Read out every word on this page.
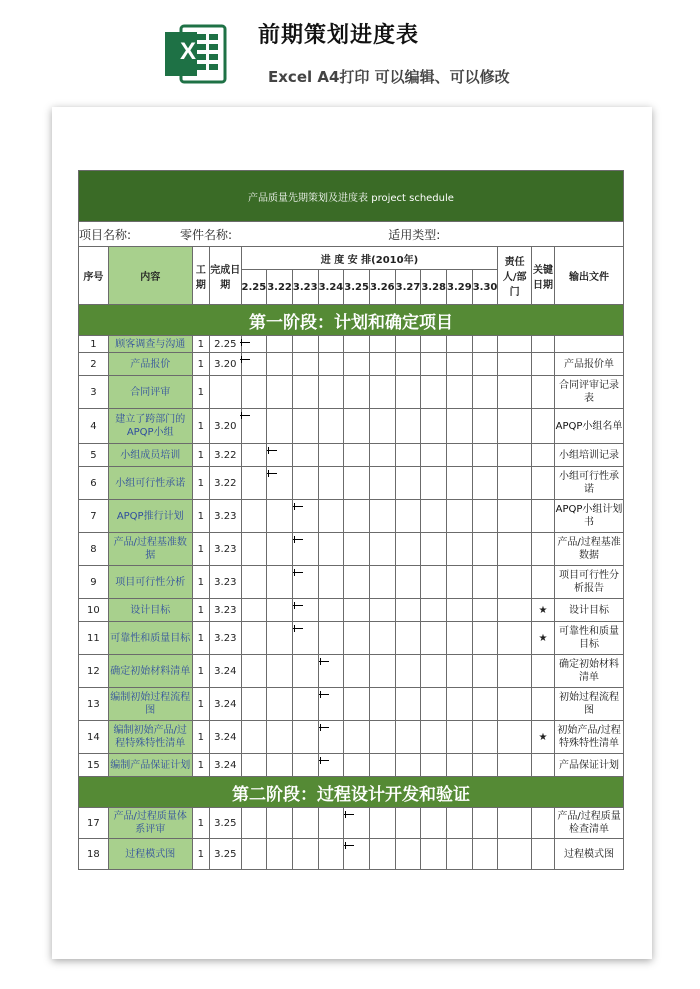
X
前期策划进度表
Excel A4打印 可以编辑、可以修改
产品质量先期策划及进度表 project schedule																
项目名称:				零件名称:									适用类型:			
序号	内容	工期	完成日期	进 度 安 排(2010年)										责任人/部门	关键日期	输出文件
				2.25	3.22	3.23	3.24	3.25	3.26	3.27	3.28	3.29	3.30			
第一阶段：计划和确定项目																
1	顾客调查与沟通	1	2.25	

2	产品报价	1	3.20													产品报价单
3	合同评审	1														合同评审记录表
4	建立了跨部门的APQP小组	1	3.20													APQP小组名单
5	小组成员培训	1	3.22													小组培训记录
6	小组可行性承诺	1	3.22													小组可行性承诺
7	APQP推行计划	1	3.23													APQP小组计划书
8	产品/过程基准数据	1	3.23													产品/过程基准数据
9	项目可行性分析	1	3.23													项目可行性分析报告
10	设计目标	1	3.23												★	设计目标
11	可靠性和质量目标	1	3.23												★	可靠性和质量目标
12	确定初始材料清单	1	3.24													确定初始材料清单
13	编制初始过程流程图	1	3.24													初始过程流程图
14	编制初始产品/过程特殊特性清单	1	3.24												★	初始产品/过程特殊特性清单
15	编制产品保证计划	1	3.24													产品保证计划
第二阶段：过程设计开发和验证																
17	产品/过程质量体系评审	1	3.25													产品/过程质量检查清单
18	过程模式图	1	3.25													过程模式图
